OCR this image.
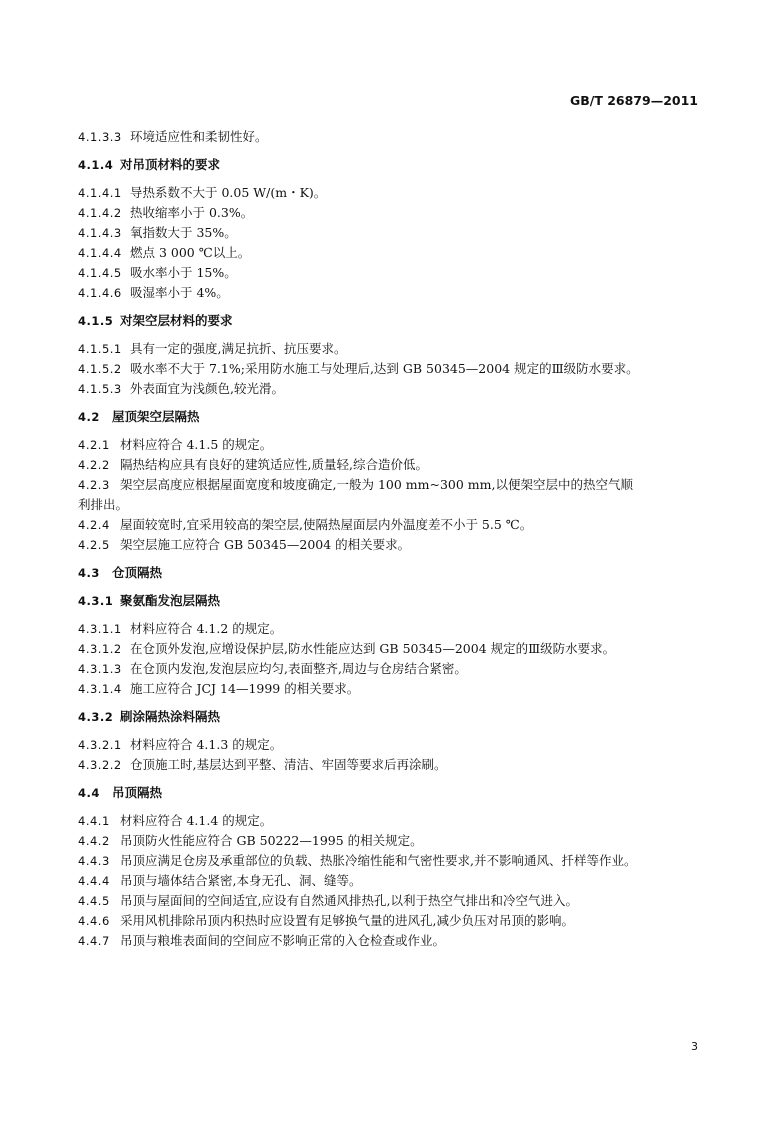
GB/T 26879—2011
4.1.3.3 环境适应性和柔韧性好。
4.1.4 对吊顶材料的要求
4.1.4.1 导热系数不大于 0.05 W/(m・K)。
4.1.4.2 热收缩率小于 0.3%。
4.1.4.3 氧指数大于 35%。
4.1.4.4 燃点 3 000 ℃以上。
4.1.4.5 吸水率小于 15%。
4.1.4.6 吸湿率小于 4%。
4.1.5 对架空层材料的要求
4.1.5.1 具有一定的强度,满足抗折、抗压要求。
4.1.5.2 吸水率不大于 7.1%;采用防水施工与处理后,达到 GB 50345—2004 规定的Ⅲ级防水要求。
4.1.5.3 外表面宜为浅颜色,较光滑。
4.2 屋顶架空层隔热
4.2.1 材料应符合 4.1.5 的规定。
4.2.2 隔热结构应具有良好的建筑适应性,质量轻,综合造价低。
4.2.3 架空层高度应根据屋面宽度和坡度确定,一般为 100 mm~300 mm,以便架空层中的热空气顺
利排出。
4.2.4 屋面较宽时,宜采用较高的架空层,使隔热屋面层内外温度差不小于 5.5 ℃。
4.2.5 架空层施工应符合 GB 50345—2004 的相关要求。
4.3 仓顶隔热
4.3.1 聚氨酯发泡层隔热
4.3.1.1 材料应符合 4.1.2 的规定。
4.3.1.2 在仓顶外发泡,应增设保护层,防水性能应达到 GB 50345—2004 规定的Ⅲ级防水要求。
4.3.1.3 在仓顶内发泡,发泡层应均匀,表面整齐,周边与仓房结合紧密。
4.3.1.4 施工应符合 JCJ 14—1999 的相关要求。
4.3.2 刷涂隔热涂料隔热
4.3.2.1 材料应符合 4.1.3 的规定。
4.3.2.2 仓顶施工时,基层达到平整、清洁、牢固等要求后再涂刷。
4.4 吊顶隔热
4.4.1 材料应符合 4.1.4 的规定。
4.4.2 吊顶防火性能应符合 GB 50222—1995 的相关规定。
4.4.3 吊顶应满足仓房及承重部位的负载、热胀冷缩性能和气密性要求,并不影响通风、扦样等作业。
4.4.4 吊顶与墙体结合紧密,本身无孔、洞、缝等。
4.4.5 吊顶与屋面间的空间适宜,应设有自然通风排热孔,以利于热空气排出和冷空气进入。
4.4.6 采用风机排除吊顶内积热时应设置有足够换气量的进风孔,减少负压对吊顶的影响。
4.4.7 吊顶与粮堆表面间的空间应不影响正常的入仓检查或作业。
3
